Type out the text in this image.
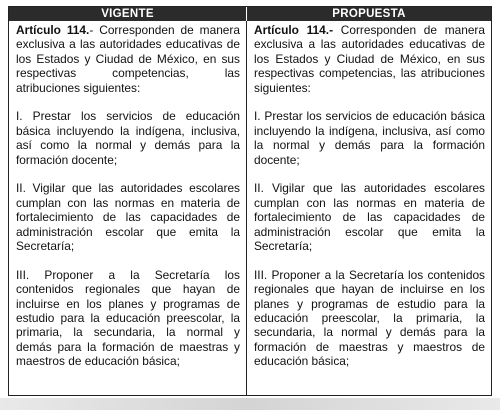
VIGENTE	PROPUESTA

Artículo 114.- Corresponden de manera exclusiva a las autoridades educativas de los Estados y Ciudad de México, en sus respectivas competencias, las atribuciones siguientes:

I. Prestar los servicios de educación básica incluyendo la indígena, inclusiva, así como la normal y demás para la formación docente;

II. Vigilar que las autoridades escolares cumplan con las normas en materia de fortalecimiento de las capacidades de administración escolar que emita la Secretaría;

III. Proponer a la Secretaría los contenidos regionales que hayan de incluirse en los planes y programas de estudio para la educación preescolar, la primaria, la secundaria, la normal y demás para la formación de maestras y maestros de educación básica;

Artículo 114.- Corresponden de manera exclusiva a las autoridades educativas de los Estados y Ciudad de México, en sus respectivas competencias, las atribuciones siguientes:

I. Prestar los servicios de educación básica incluyendo la indígena, inclusiva, así como la normal y demás para la formación docente;

II. Vigilar que las autoridades escolares cumplan con las normas en materia de fortalecimiento de las capacidades de administración escolar que emita la Secretaría;

III. Proponer a la Secretaría los contenidos regionales que hayan de incluirse en los planes y programas de estudio para la educación preescolar, la primaria, la secundaria, la normal y demás para la formación de maestras y maestros de educación básica;
